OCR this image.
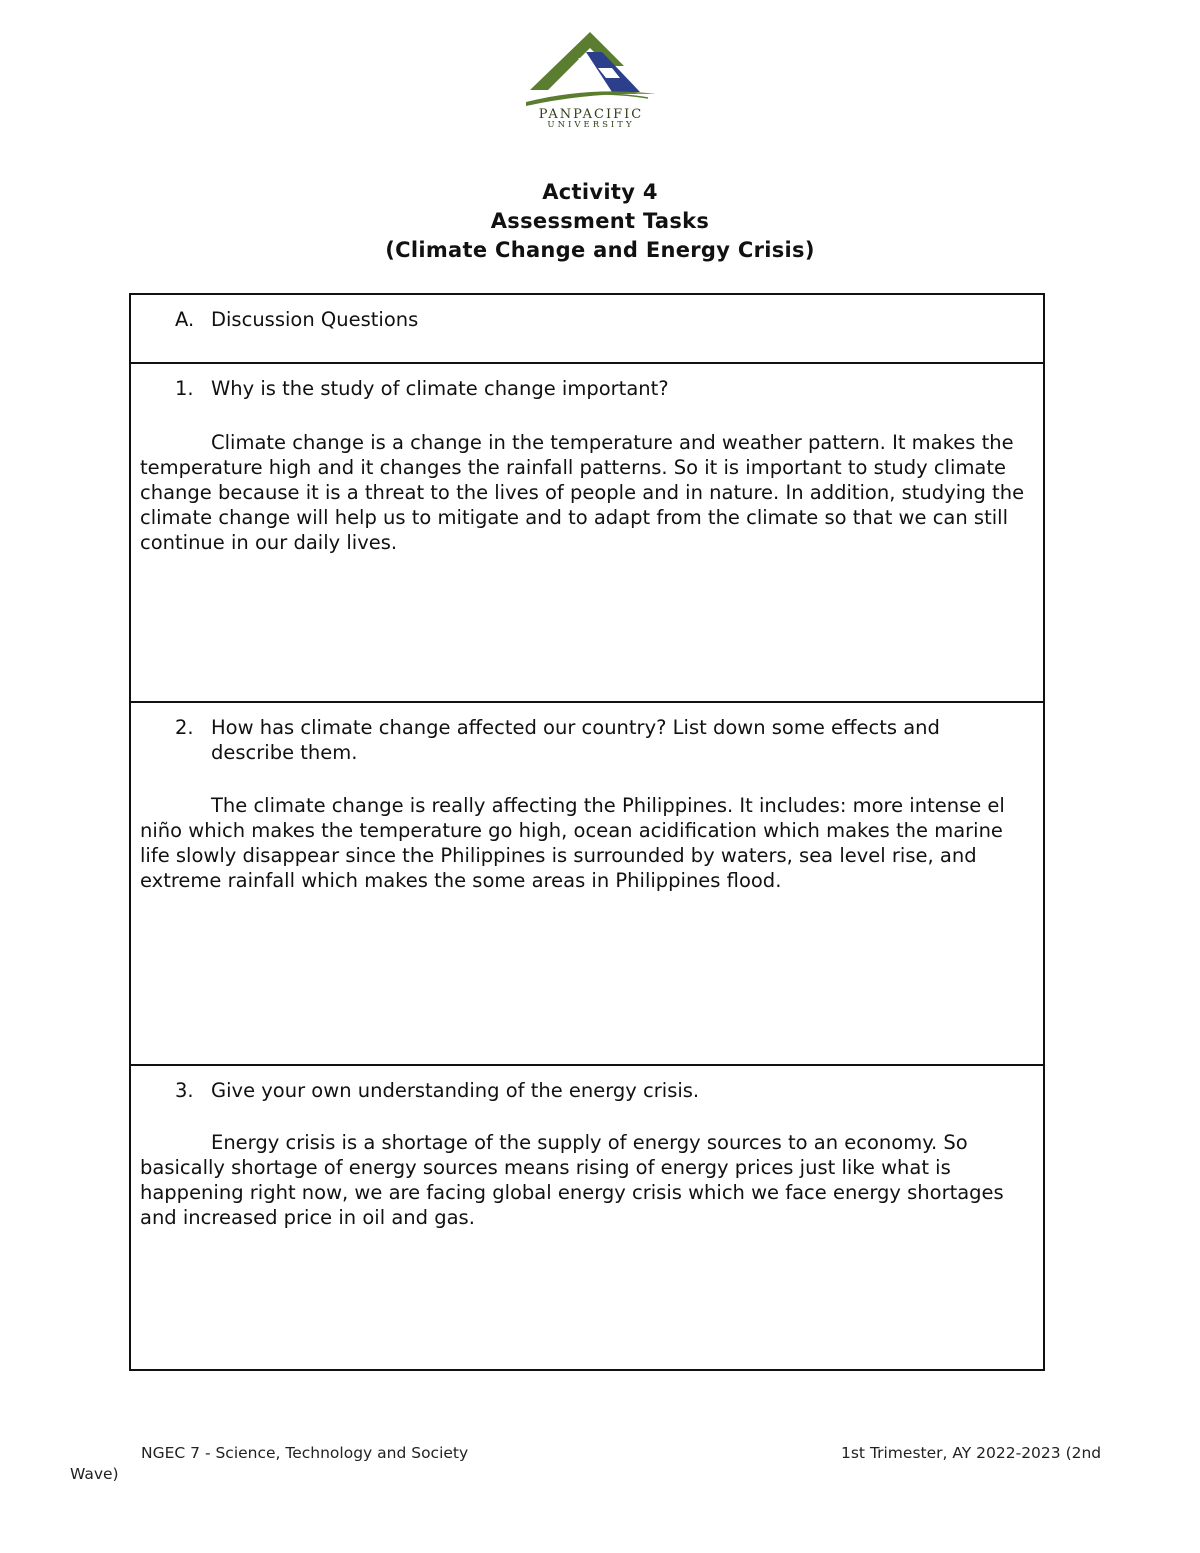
PANPACIFIC
UNIVERSITY
Activity 4
Assessment Tasks
(Climate Change and Energy Crisis)
A. Discussion Questions
1. Why is the study of climate change important?
Climate change is a change in the temperature and weather pattern. It makes the temperature high and it changes the rainfall patterns. So it is important to study climate change because it is a threat to the lives of people and in nature. In addition, studying the climate change will help us to mitigate and to adapt from the climate so that we can still continue in our daily lives.
2. How has climate change affected our country? List down some effects and describe them.
The climate change is really affecting the Philippines. It includes: more intense el niño which makes the temperature go high, ocean acidification which makes the marine life slowly disappear since the Philippines is surrounded by waters, sea level rise, and extreme rainfall which makes the some areas in Philippines flood.
3. Give your own understanding of the energy crisis.
Energy crisis is a shortage of the supply of energy sources to an economy. So basically shortage of energy sources means rising of energy prices just like what is happening right now, we are facing global energy crisis which we face energy shortages and increased price in oil and gas.
NGEC 7 - Science, Technology and Society	1st Trimester, AY 2022-2023 (2nd
Wave)
